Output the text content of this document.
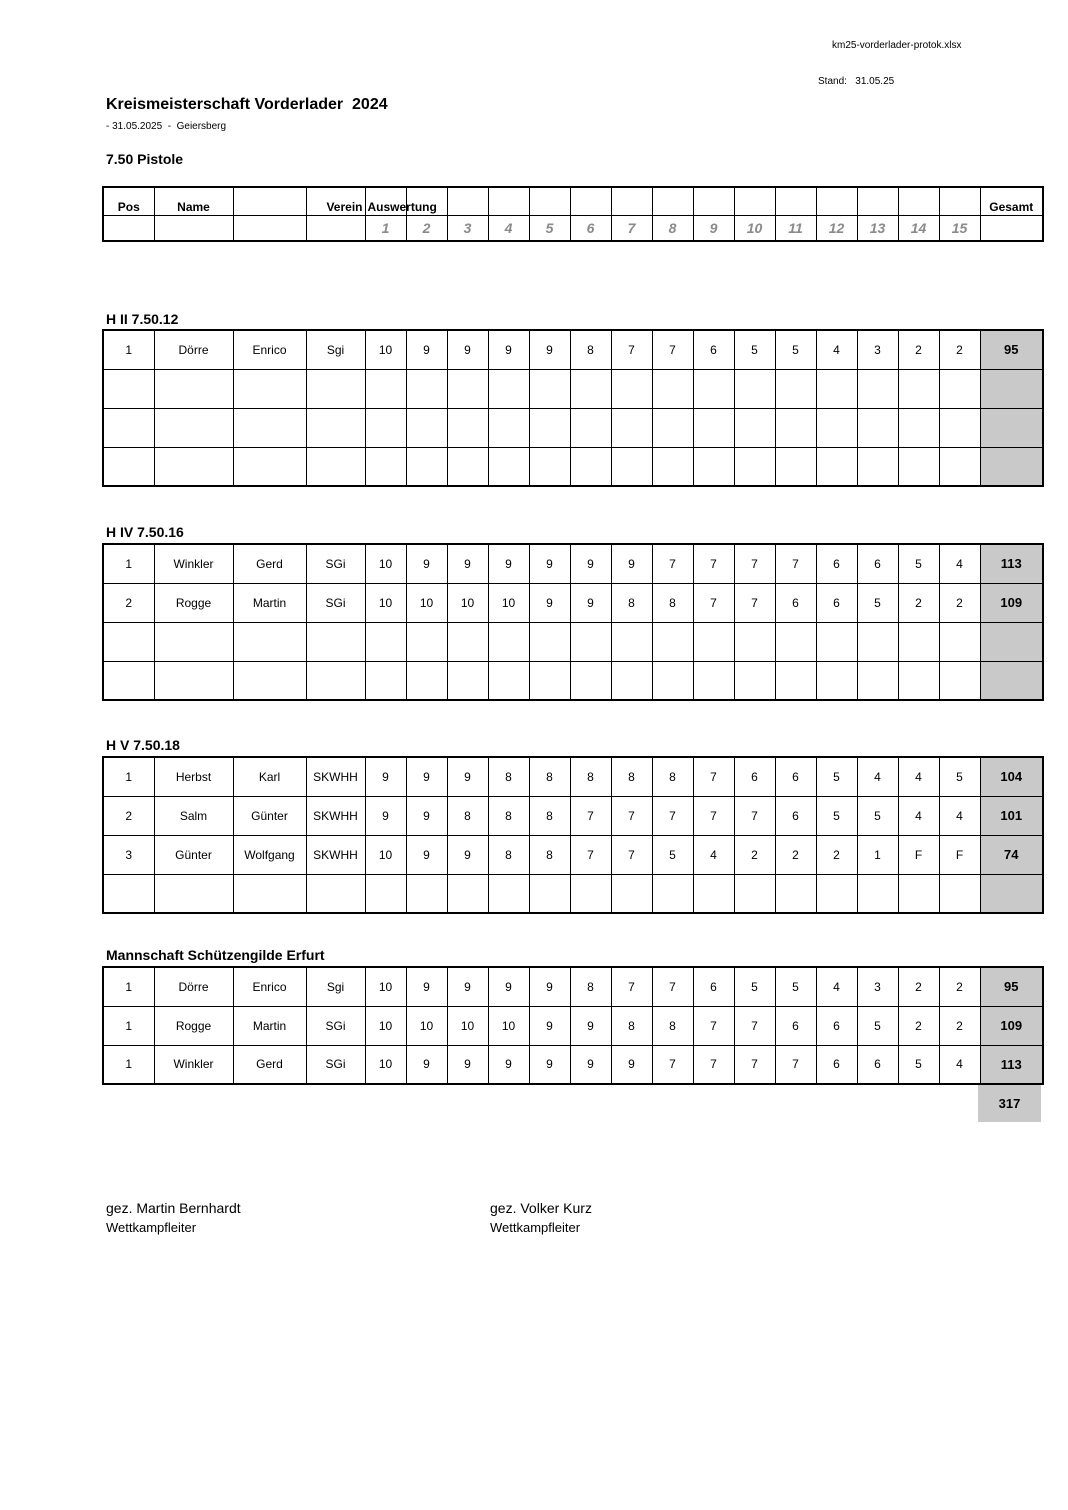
km25-vorderlader-protok.xlsx
Stand: 31.05.25
Kreismeisterschaft Vorderlader  2024
- 31.05.2025  -  Geiersberg
7.50 Pistole
Pos	Name		Verein	Auswertung															Gesamt
				1	2	3	4	5	6	7	8	9	10	11	12	13	14	15	
H II 7.50.12
H IV 7.50.16
H V 7.50.18
Mannschaft Schützengilde Erfurt
1	Dörre	Enrico	Sgi	10	9	9	9	9	8	7	7	6	5	5	4	3	2	2	95

1	Winkler	Gerd	SGi	10	9	9	9	9	9	9	7	7	7	7	6	6	5	4	113
2	Rogge	Martin	SGi	10	10	10	10	9	9	8	8	7	7	6	6	5	2	2	109

1	Herbst	Karl	SKWHH	9	9	9	8	8	8	8	8	7	6	6	5	4	4	5	104
2	Salm	Günter	SKWHH	9	9	8	8	8	7	7	7	7	7	6	5	5	4	4	101
3	Günter	Wolfgang	SKWHH	10	9	9	8	8	7	7	5	4	2	2	2	1	F	F	74

1	Dörre	Enrico	Sgi	10	9	9	9	9	8	7	7	6	5	5	4	3	2	2	95
1	Rogge	Martin	SGi	10	10	10	10	9	9	8	8	7	7	6	6	5	2	2	109
1	Winkler	Gerd	SGi	10	9	9	9	9	9	9	7	7	7	7	6	6	5	4	113
317
gez. Martin Bernhardt
Wettkampfleiter
gez. Volker Kurz
Wettkampfleiter
